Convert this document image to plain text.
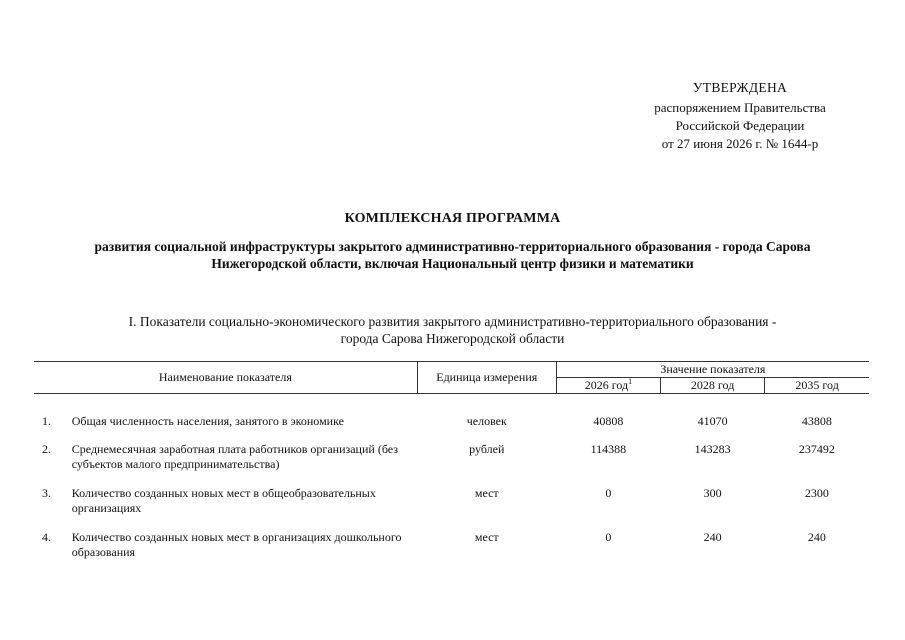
УТВЕРЖДЕНА
распоряжением Правительства
Российской Федерации
от 27 июня 2026 г. № 1644-р
КОМПЛЕКСНАЯ ПРОГРАММА
развития социальной инфраструктуры закрытого административно-территориального образования - города Сарова
Нижегородской области, включая Национальный центр физики и математики
I. Показатели социально-экономического развития закрытого административно-территориального образования -
города Сарова Нижегородской области
Наименование показателя		Единица измерения	Значение показателя		
			2026 год$^1$	2028 год	2035 год

1.	Общая численность населения, занятого в экономике	человек	40808	41070	43808
2.	Среднемесячная заработная плата работников организаций (без субъектов малого предпринимательства)	рублей	114388	143283	237492

3.	Количество созданных новых мест в общеобразовательных организациях	мест	0	300	2300

4.	Количество созданных новых мест в организациях дошкольного образования	мест	0	240	240
